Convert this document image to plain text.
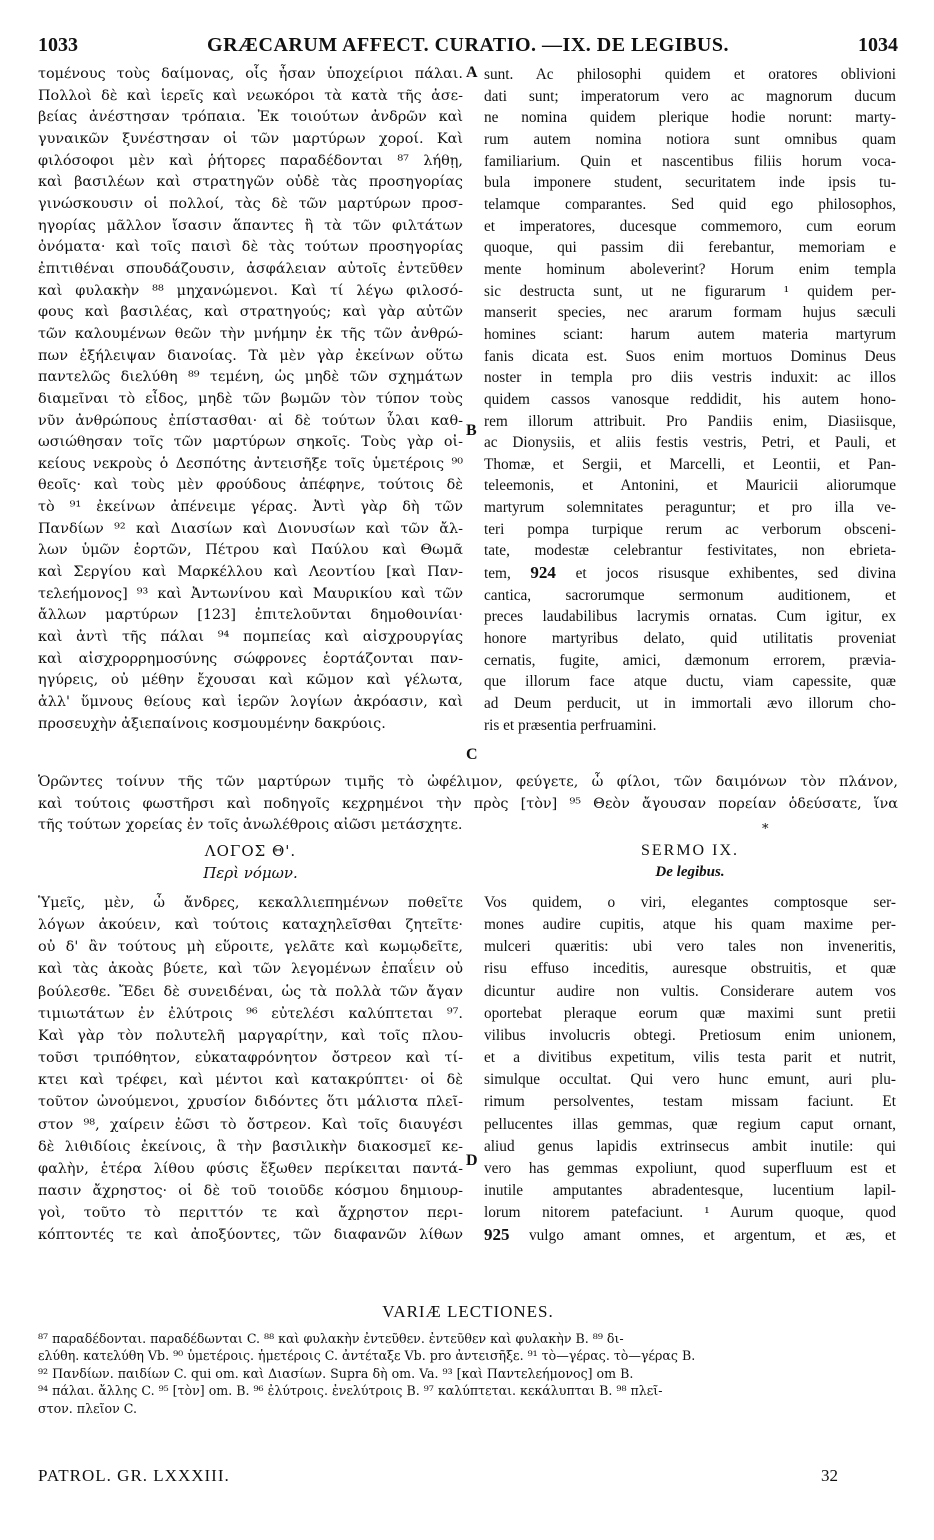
1033	GRÆCARUM AFFECT. CURATIO. —IX. DE LEGIBUS.	1034
τομένους τοὺς δαίμονας, οἷς ἦσαν ὑποχείριοι πάλαι.
Πολλοὶ δὲ καὶ ἱερεῖς καὶ νεωκόροι τὰ κατὰ τῆς ἀσε-
βείας ἀνέστησαν τρόπαια. Ἐκ τοιούτων ἀνδρῶν καὶ
γυναικῶν ξυνέστησαν οἱ τῶν μαρτύρων χοροί. Καὶ
φιλόσοφοι μὲν καὶ ῥήτορες παραδέδονται ⁸⁷ λήθῃ,
καὶ βασιλέων καὶ στρατηγῶν οὐδὲ τὰς προσηγορίας
γινώσκουσιν οἱ πολλοί, τὰς δὲ τῶν μαρτύρων προσ-
ηγορίας μᾶλλον ἴσασιν ἅπαντες ἢ τὰ τῶν φιλτάτων
ὀνόματα· καὶ τοῖς παισὶ δὲ τὰς τούτων προσηγορίας
ἐπιτιθέναι σπουδάζουσιν, ἀσφάλειαν αὐτοῖς ἐντεῦθεν
καὶ φυλακὴν ⁸⁸ μηχανώμενοι. Καὶ τί λέγω φιλοσό-
φους καὶ βασιλέας, καὶ στρατηγούς; καὶ γὰρ αὐτῶν
τῶν καλουμένων θεῶν τὴν μνήμην ἐκ τῆς τῶν ἀνθρώ-
πων ἐξήλειψαν διανοίας. Τὰ μὲν γὰρ ἐκείνων οὕτω
παντελῶς διελύθη ⁸⁹ τεμένη, ὡς μηδὲ τῶν σχημάτων
διαμεῖναι τὸ εἶδος, μηδὲ τῶν βωμῶν τὸν τύπον τοὺς
νῦν ἀνθρώπους ἐπίστασθαι· αἱ δὲ τούτων ὗλαι καθ-
ωσιώθησαν τοῖς τῶν μαρτύρων σηκοῖς. Τοὺς γὰρ οἰ-
κείους νεκροὺς ὁ Δεσπότης ἀντεισῆξε τοῖς ὑμετέροις ⁹⁰
θεοῖς· καὶ τοὺς μὲν φρούδους ἀπέφηνε, τούτοις δὲ
τὸ ⁹¹ ἐκείνων ἀπένειμε γέρας. Ἀντὶ γὰρ δὴ τῶν
Πανδίων ⁹² καὶ Διασίων καὶ Διονυσίων καὶ τῶν ἄλ-
λων ὑμῶν ἑορτῶν, Πέτρου καὶ Παύλου καὶ Θωμᾶ
καὶ Σεργίου καὶ Μαρκέλλου καὶ Λεοντίου [καὶ Παν-
τελεήμονος] ⁹³ καὶ Ἀντωνίνου καὶ Μαυρικίου καὶ τῶν
ἄλλων μαρτύρων [123] ἐπιτελοῦνται δημοθοινίαι·
καὶ ἀντὶ τῆς πάλαι ⁹⁴ πομπείας καὶ αἰσχρουργίας
καὶ αἰσχρορρημοσύνης σώφρονες ἑορτάζονται παν-
ηγύρεις, οὐ μέθην ἔχουσαι καὶ κῶμον καὶ γέλωτα,
ἀλλ' ὕμνους θείους καὶ ἱερῶν λογίων ἀκρόασιν, καὶ
προσευχὴν ἀξιεπαίνοις κοσμουμένην δακρύοις.
sunt. Ac philosophi quidem et oratores oblivioni
dati sunt; imperatorum vero ac magnorum ducum
ne nomina quidem plerique hodie norunt: marty-
rum autem nomina notiora sunt omnibus quam
familiarium. Quin et nascentibus filiis horum voca-
bula imponere student, securitatem inde ipsis tu-
telamque comparantes. Sed quid ego philosophos,
et imperatores, ducesque commemoro, cum eorum
quoque, qui passim dii ferebantur, memoriam e
mente hominum aboleverint? Horum enim templa
sic destructa sunt, ut ne figurarum ¹ quidem per-
manserit species, nec ararum formam hujus sæculi
homines sciant: harum autem materia martyrum
fanis dicata est. Suos enim mortuos Dominus Deus
noster in templa pro diis vestris induxit: ac illos
quidem cassos vanosque reddidit, his autem hono-
rem illorum attribuit. Pro Pandiis enim, Diasiisque,
ac Dionysiis, et aliis festis vestris, Petri, et Pauli, et
Thomæ, et Sergii, et Marcelli, et Leontii, et Pan-
teleemonis, et Antonini, et Mauricii aliorumque
martyrum solemnitates peraguntur; et pro illa ve-
teri pompa turpique rerum ac verborum obsceni-
tate, modestæ celebrantur festivitates, non ebrieta-
tem, 924 et jocos risusque exhibentes, sed divina
cantica, sacrorumque sermonum auditionem, et
preces laudabilibus lacrymis ornatas. Cum igitur, ex
honore martyribus delato, quid utilitatis proveniat
cernatis, fugite, amici, dæmonum errorem, prævia-
que illorum face atque ductu, viam capessite, quæ
ad Deum perducit, ut in immortali ævo illorum cho-
ris et præsentia perfruamini.
A
B
C
D
Ὁρῶντες τοίνυν τῆς τῶν μαρτύρων τιμῆς τὸ ὠφέλιμον, φεύγετε, ὦ φίλοι, τῶν δαιμόνων τὸν πλάνον,
καὶ τούτοις φωστῆρσι καὶ ποδηγοῖς κεχρημένοι τὴν πρὸς [τὸν] ⁹⁵ Θεὸν ἄγουσαν πορείαν ὁδεύσατε, ἵνα
τῆς τούτων χορείας ἐν τοῖς ἀνωλέθροις αἰῶσι μετάσχητε.
ΛΟΓΟΣ Θ'.
Περὶ νόμων.
SERMO IX.
De legibus.
*
Ὑμεῖς, μὲν, ὦ ἄνδρες, κεκαλλιεπημένων ποθεῖτε
λόγων ἀκούειν, καὶ τούτοις καταχηλεῖσθαι ζητεῖτε·
οὐ δ' ἂν τούτους μὴ εὕροιτε, γελᾶτε καὶ κωμῳδεῖτε,
καὶ τὰς ἀκοὰς βύετε, καὶ τῶν λεγομένων ἐπαΐειν οὐ
βούλεσθε. Ἔδει δὲ συνειδέναι, ὡς τὰ πολλὰ τῶν ἄγαν
τιμιωτάτων ἐν ἐλύτροις ⁹⁶ εὐτελέσι καλύπτεται ⁹⁷.
Καὶ γὰρ τὸν πολυτελῆ μαργαρίτην, καὶ τοῖς πλου-
τοῦσι τριπόθητον, εὐκαταφρόνητον ὄστρεον καὶ τί-
κτει καὶ τρέφει, καὶ μέντοι καὶ κατακρύπτει· οἱ δὲ
τοῦτον ὠνούμενοι, χρυσίον διδόντες ὅτι μάλιστα πλεῖ-
στον ⁹⁸, χαίρειν ἐῶσι τὸ ὄστρεον. Καὶ τοῖς διαυγέσι
δὲ λιθιδίοις ἐκείνοις, ἃ τὴν βασιλικὴν διακοσμεῖ κε-
φαλὴν, ἑτέρα λίθου φύσις ἔξωθεν περίκειται παντά-
πασιν ἄχρηστος· οἱ δὲ τοῦ τοιοῦδε κόσμου δημιουρ-
γοὶ, τοῦτο τὸ περιττόν τε καὶ ἄχρηστον περι-
κόπτοντές τε καὶ ἀποξύοντες, τῶν διαφανῶν λίθων
Vos quidem, o viri, elegantes comptosque ser-
mones audire cupitis, atque his quam maxime per-
mulceri quæritis: ubi vero tales non inveneritis,
risu effuso inceditis, auresque obstruitis, et quæ
dicuntur audire non vultis. Considerare autem vos
oportebat pleraque eorum quæ maximi sunt pretii
vilibus involucris obtegi. Pretiosum enim unionem,
et a divitibus expetitum, vilis testa parit et nutrit,
simulque occultat. Qui vero hunc emunt, auri plu-
rimum persolventes, testam missam faciunt. Et
pellucentes illas gemmas, quæ regium caput ornant,
aliud genus lapidis extrinsecus ambit inutile: qui
vero has gemmas expoliunt, quod superfluum est et
inutile amputantes abradentesque, lucentium lapil-
lorum nitorem patefaciunt. ¹ Aurum quoque, quod
925 vulgo amant omnes, et argentum, et æs, et
VARIÆ LECTIONES.
⁸⁷ παραδέδονται. παραδέδωνται C. ⁸⁸ καὶ φυλακὴν ἐντεῦθεν. ἐντεῦθεν καὶ φυλακὴν B. ⁸⁹ δι-
ελύθη. κατελύθη Vb. ⁹⁰ ὑμετέροις. ἡμετέροις C. ἀντέταξε Vb. pro ἀντεισῆξε. ⁹¹ τὸ—γέρας. τὸ—γέρας B.
⁹² Πανδίων. παιδίων C. qui om. καὶ Διασίων. Supra δὴ om. Va. ⁹³ [καὶ Παντελεήμονος] om B.
⁹⁴ πάλαι. ἄλλης C. ⁹⁵ [τὸν] om. B. ⁹⁶ ἐλύτροις. ἐνελύτροις B. ⁹⁷ καλύπτεται. κεκάλυπται B. ⁹⁸ πλεῖ-
στον. πλεῖον C.
PATROL. GR. LXXXIII.	32
